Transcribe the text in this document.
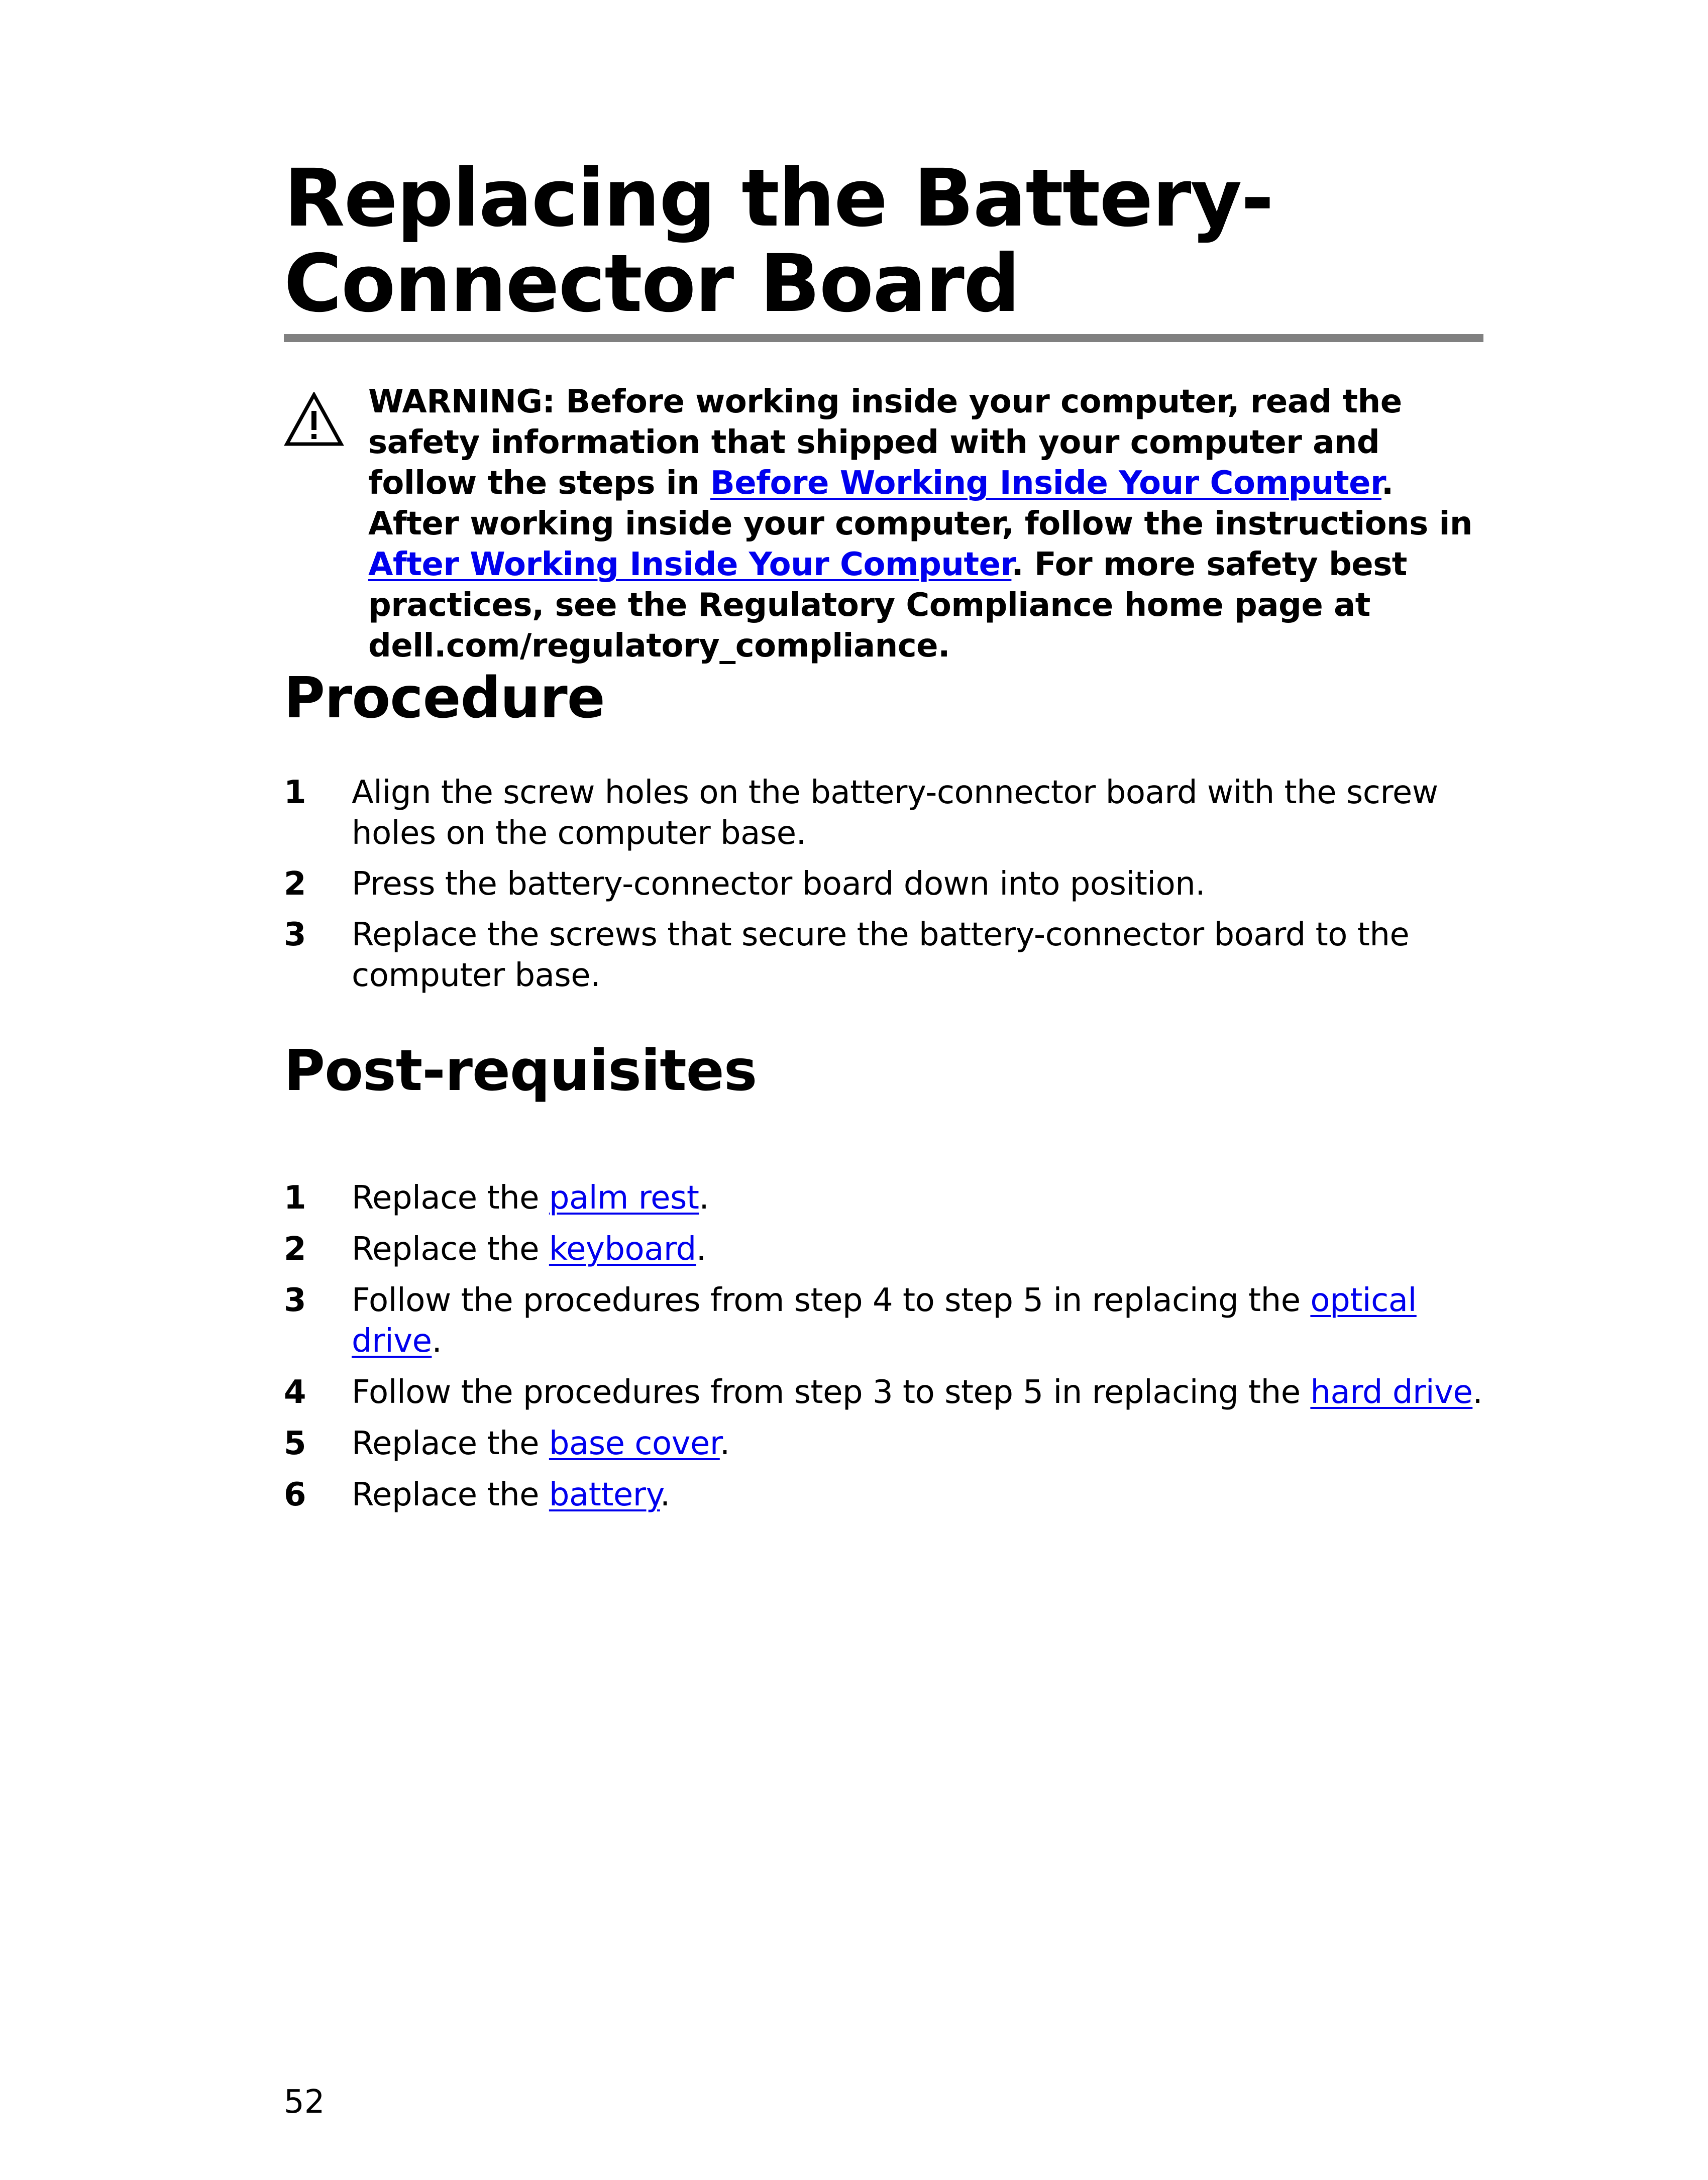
Replacing the Battery-
Connector Board
WARNING: Before working inside your computer, read the safety information that shipped with your computer and follow the steps in Before Working Inside Your Computer. After working inside your computer, follow the instructions in After Working Inside Your Computer. For more safety best practices, see the Regulatory Compliance home page at dell.com/regulatory_compliance.
Procedure
1 Align the screw holes on the battery-connector board with the screw holes on the computer base.
2 Press the battery-connector board down into position.
3 Replace the screws that secure the battery-connector board to the computer base.
Post-requisites
1 Replace the palm rest.
2 Replace the keyboard.
3 Follow the procedures from step 4 to step 5 in replacing the optical drive.
4 Follow the procedures from step 3 to step 5 in replacing the hard drive.
5 Replace the base cover.
6 Replace the battery.
52
